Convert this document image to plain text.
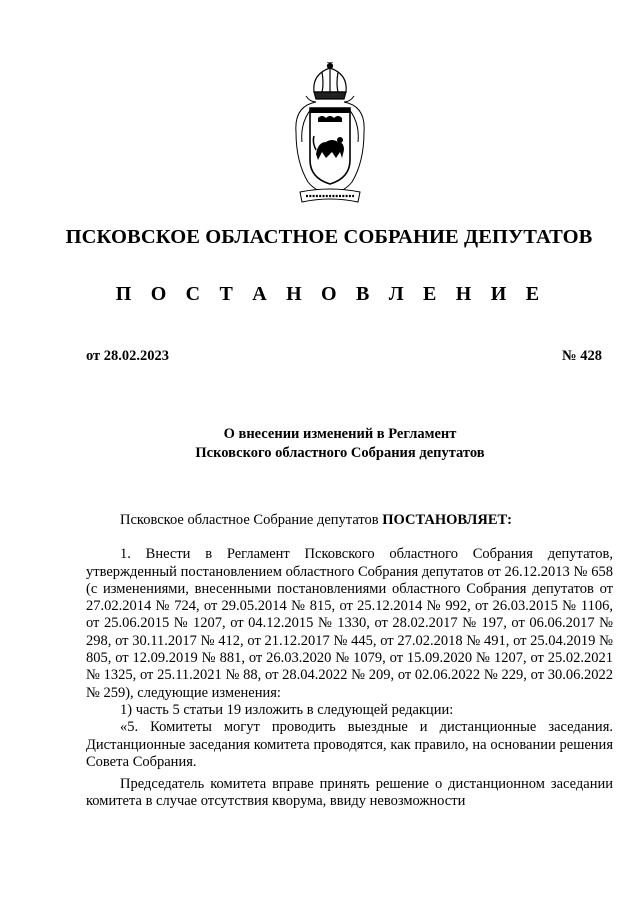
ПСКОВСКОЕ ОБЛАСТНОЕ СОБРАНИЕ ДЕПУТАТОВ
П О С Т А Н О В Л Е Н И Е
от 28.02.2023	№ 428
О внесении изменений в Регламент
Псковского областного Собрания депутатов

Псковское областное Собрание депутатов ПОСТАНОВЛЯЕТ:

1. Внести в Регламент Псковского областного Собрания депутатов, утвержденный постановлением областного Собрания депутатов от 26.12.2013 № 658 (с изменениями, внесенными постановлениями областного Собрания депутатов от 27.02.2014 № 724, от 29.05.2014 № 815, от 25.12.2014 № 992, от 26.03.2015 № 1106, от 25.06.2015 № 1207, от 04.12.2015 № 1330, от 28.02.2017 № 197, от 06.06.2017 № 298, от 30.11.2017 № 412, от 21.12.2017 № 445, от 27.02.2018 № 491, от 25.04.2019 № 805, от 12.09.2019 № 881, от 26.03.2020 № 1079, от 15.09.2020 № 1207, от 25.02.2021 № 1325, от 25.11.2021 № 88, от 28.04.2022 № 209, от 02.06.2022 № 229, от 30.06.2022 № 259), следующие изменения:

1) часть 5 статьи 19 изложить в следующей редакции:

«5. Комитеты могут проводить выездные и дистанционные заседания. Дистанционные заседания комитета проводятся, как правило, на основании решения Совета Собрания.

Председатель комитета вправе принять решение о дистанционном заседании комитета в случае отсутствия кворума, ввиду невозможности
